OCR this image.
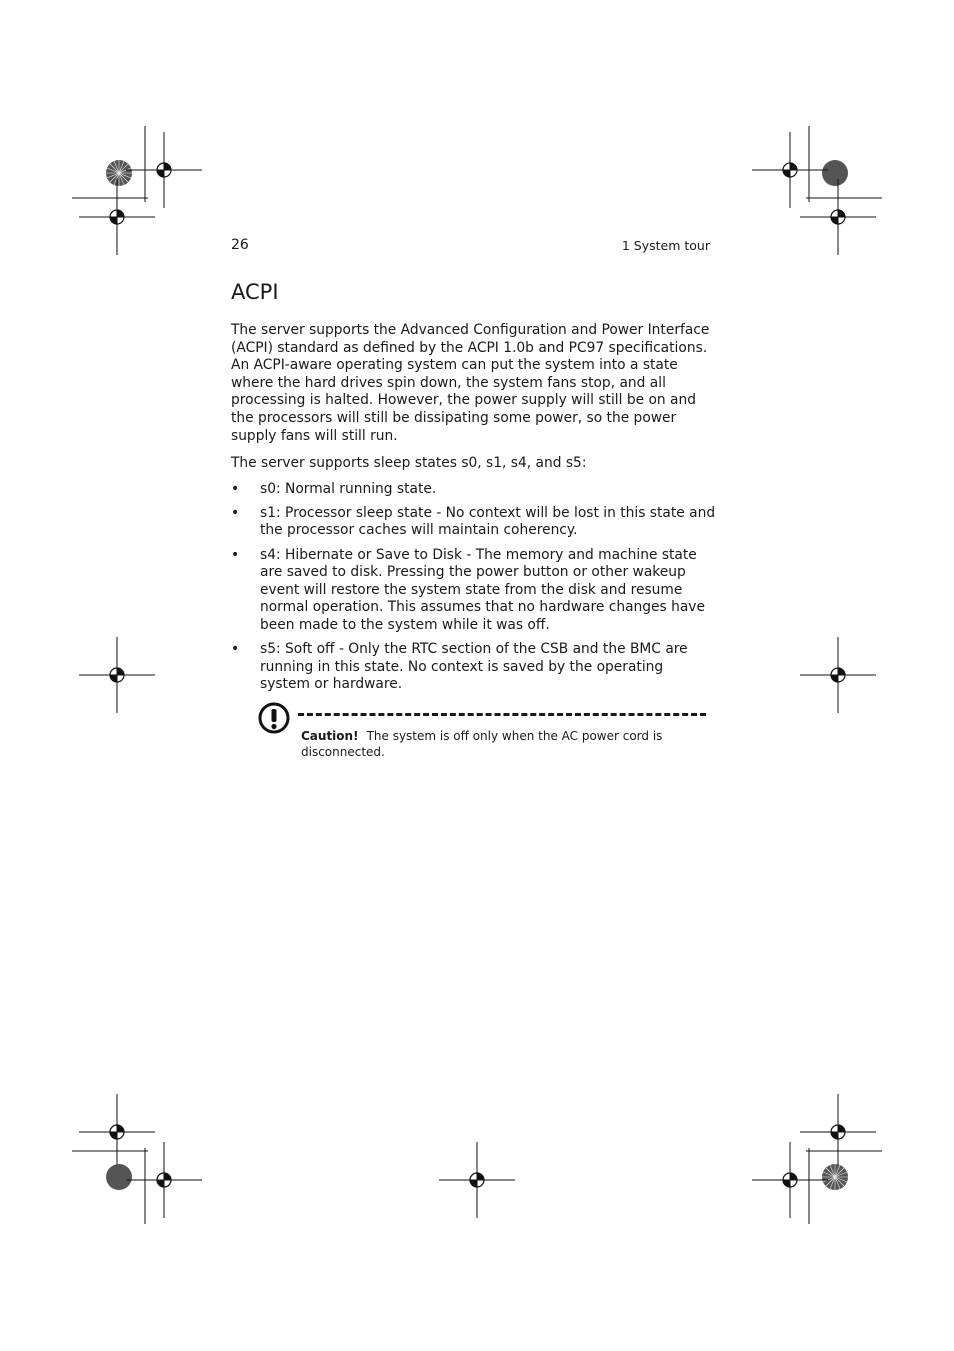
26	1 System tour
ACPI

The server supports the Advanced Configuration and Power Interface (ACPI) standard as defined by the ACPI 1.0b and PC97 specifications. An ACPI-aware operating system can put the system into a state where the hard drives spin down, the system fans stop, and all processing is halted. However, the power supply will still be on and the processors will still be dissipating some power, so the power supply fans will still run.

The server supports sleep states s0, s1, s4, and s5:

• s0: Normal running state.
• s1: Processor sleep state - No context will be lost in this state and the processor caches will maintain coherency.
• s4: Hibernate or Save to Disk - The memory and machine state are saved to disk. Pressing the power button or other wakeup event will restore the system state from the disk and resume normal operation. This assumes that no hardware changes have been made to the system while it was off.
• s5: Soft off - Only the RTC section of the CSB and the BMC are running in this state. No context is saved by the operating system or hardware.
Caution! The system is off only when the AC power cord is disconnected.
